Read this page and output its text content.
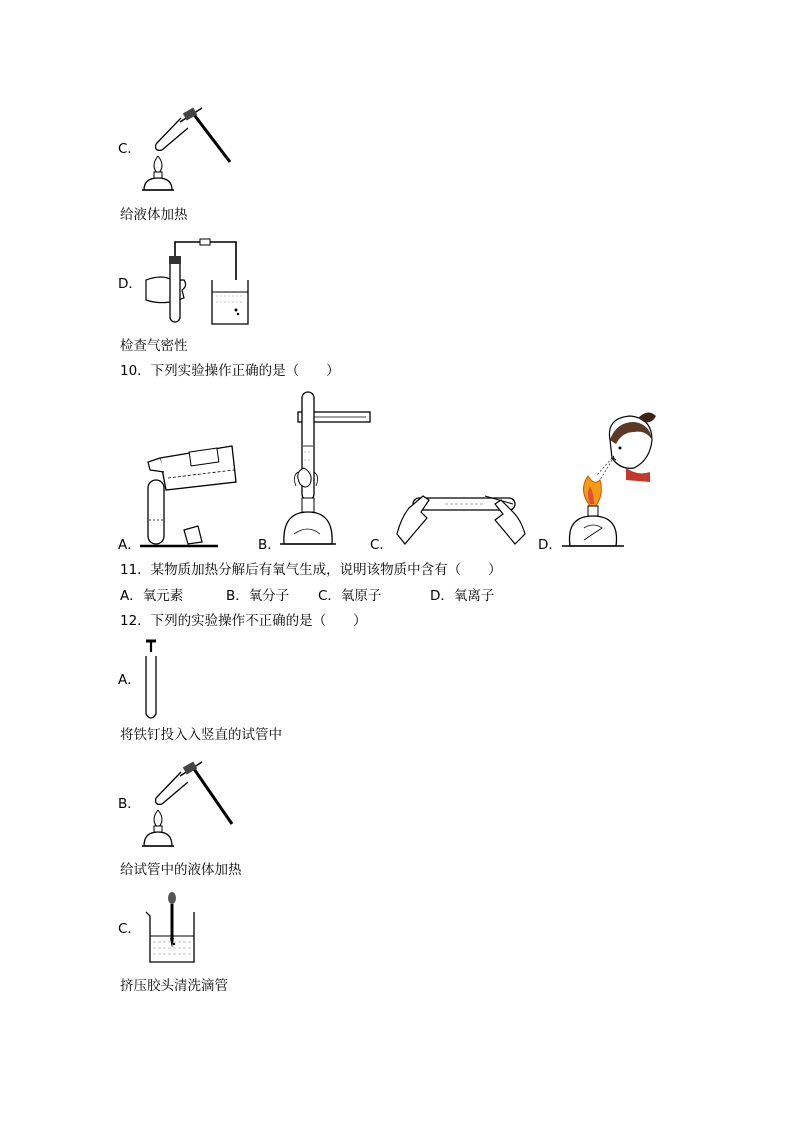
C．
给液体加热
D．
检查气密性
10．下列实验操作正确的是（　　）
A．	B．	C．	D．
11．某物质加热分解后有氧气生成，说明该物质中含有（　　）
A．氧元素	B．氧分子 C．氧原子	D．氧离子
12．下列的实验操作不正确的是（　　）
A．
将铁钉投入入竖直的试管中
B．
给试管中的液体加热
C．
挤压胶头清洗滴管
